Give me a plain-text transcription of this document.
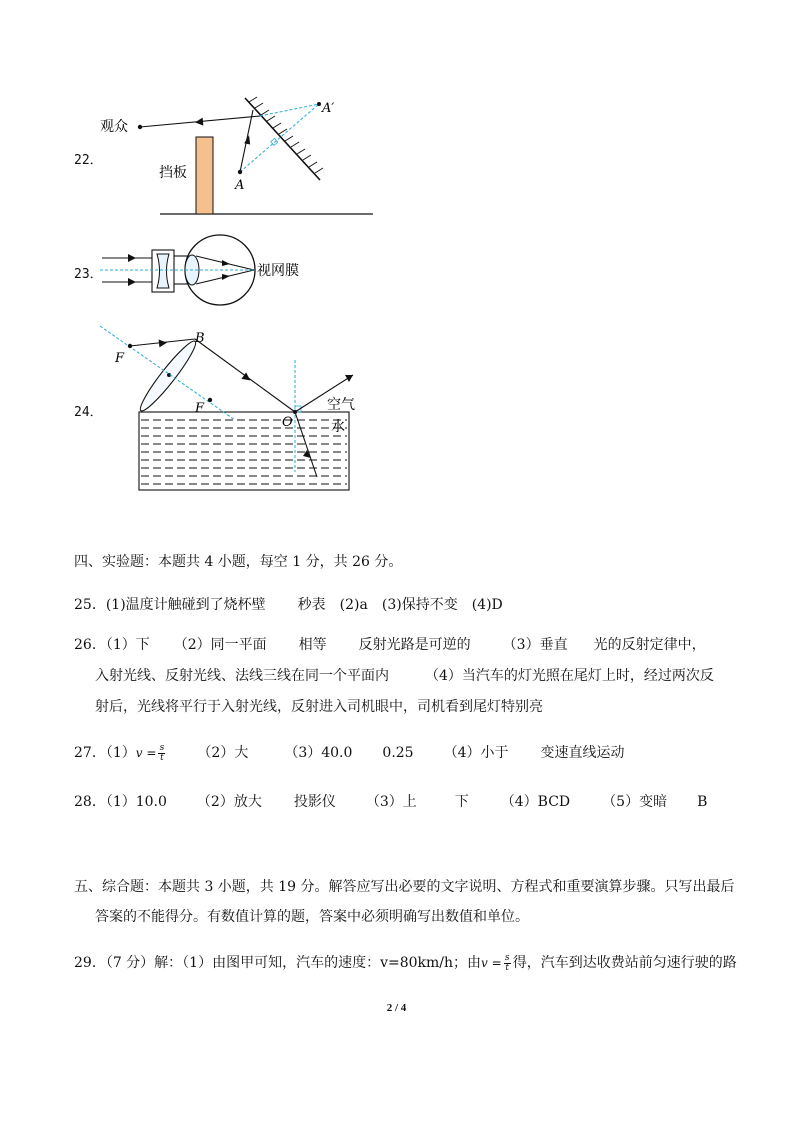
22．
观众
挡板
A
A′
23．	视网膜
24．
F
F
B
O
空气
水
四、实验题：本题共 4 小题，每空 1 分，共 26 分。
25．(1)温度计触碰到了烧杯壁 秒表 (2)a (3)保持不变 (4)D
26．（1）下 （2）同一平面 相等 反射光路是可逆的 （3）垂直 光的反射定律中，
入射光线、反射光线、法线三线在同一个平面内	（4）当汽车的灯光照在尾灯上时，经过两次反
射后，光线将平行于入射光线，反射进入司机眼中，司机看到尾灯特别亮
27．$(1)v = \frac{s}{t} (2)$大	（3）40.0 0.25 （4）小于 变速直线运动
28．（1）10.0 （2）放大 投影仪 （3）上	下 （4）BCD （5）变暗 B
五、综合题：本题共 3 小题，共 19 分。解答应写出必要的文字说明、方程式和重要演算步骤。只写出最后
答案的不能得分。有数值计算的题，答案中必须明确写出数值和单位。
29．（7 分）解：（1）由图甲可知，汽车的速度：v=80km/h；由$v = \frac{s}{t}$ 得，汽车到达收费站前匀速行驶的路
2 / 4
